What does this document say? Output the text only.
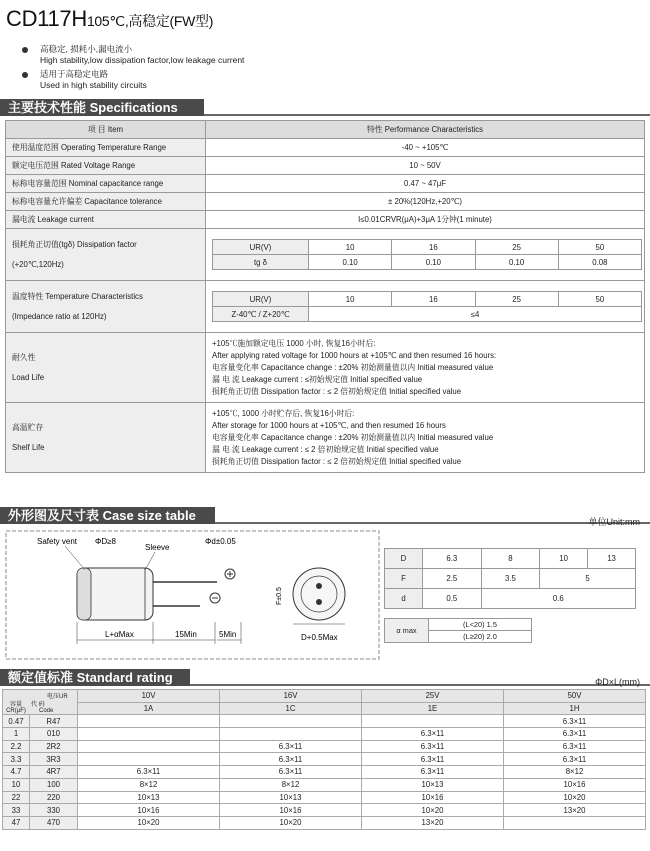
CD117H105℃,高稳定(FW型)
高稳定, 损耗小,漏电流小
High stability,low dissipation factor,low leakage current
适用于高稳定电路
Used in high stability circuits
主要技术性能 Specifications
项 目 Item	特性 Performance Characteristics
使用温度范围 Operating Temperature Range	-40 ~ +105℃
额定电压范围 Rated Voltage Range	10 ~ 50V
标称电容量范围 Nominal capacitance range	0.47 ~ 47μF
标称电容量允许偏差 Capacitance tolerance	± 20%(120Hz,+20℃)
漏电流 Leakage current	I≤0.01CRVR(μA)+3μA 1分钟(1 minute)

损耗角正切值(tgδ) Dissipation factor
(+20℃,120Hz)

UR(V)	10	16	25	50
tg δ	0.10	0.10	0.10	0.08

温度特性 Temperature Characteristics
(Impedance ratio at 120Hz)

UR(V)	10	16	25	50
Z-40℃ / Z+20℃	≤4

耐久性
Load Life

+105℃施加额定电压 1000 小时, 恢复16小时后:
After applying rated voltage for 1000 hours at +105℃ and then resumed 16 hours:
电容量变化率 Capacitance change : ±20% 初始测量值以内 Initial measured value
漏 电 流 Leakage current : ≤初始规定值 Initial specified value
损耗角正切值 Dissipation factor : ≤ 2 倍初始规定值 Initial specified value

高温贮存
Shelf Life

+105℃, 1000 小时贮存后, 恢复16小时后:
After storage for 1000 hours at +105℃, and then resumed 16 hours
电容量变化率 Capacitance change : ±20% 初始测量值以内 Initial measured value
漏 电 流 Leakage current : ≤ 2 倍初始规定值 Initial specified value
损耗角正切值 Dissipation factor : ≤ 2 倍初始规定值 Initial specified value
外形图及尺寸表 Case size table	单位Unit:mm
Safety vent ΦD≥8
Sleeve
Φd±0.05
L+αMax	15Min	5Min	D+0.5Max
F±0.5
D	6.3	8	10	13
F	2.5	3.5	5	
d	0.5	0.6		
α max	(L<20) 1.5
(L≥20) 2.0
额定值标准 Standard rating	ΦD×L(mm)
电压UR
代 码
容量 CR(μF) Code		10V	16V	25V	50V
		1A	1C	1E	1H
0.47	R47				6.3×11
1	010			6.3×11	6.3×11
2.2	2R2		6.3×11	6.3×11	6.3×11
3.3	3R3		6.3×11	6.3×11	6.3×11
4.7	4R7	6.3×11	6.3×11	6.3×11	8×12
10	100	8×12	8×12	10×13	10×16
22	220	10×13	10×13	10×16	10×20
33	330	10×16	10×16	10×20	13×20
47	470	10×20	10×20	13×20	
